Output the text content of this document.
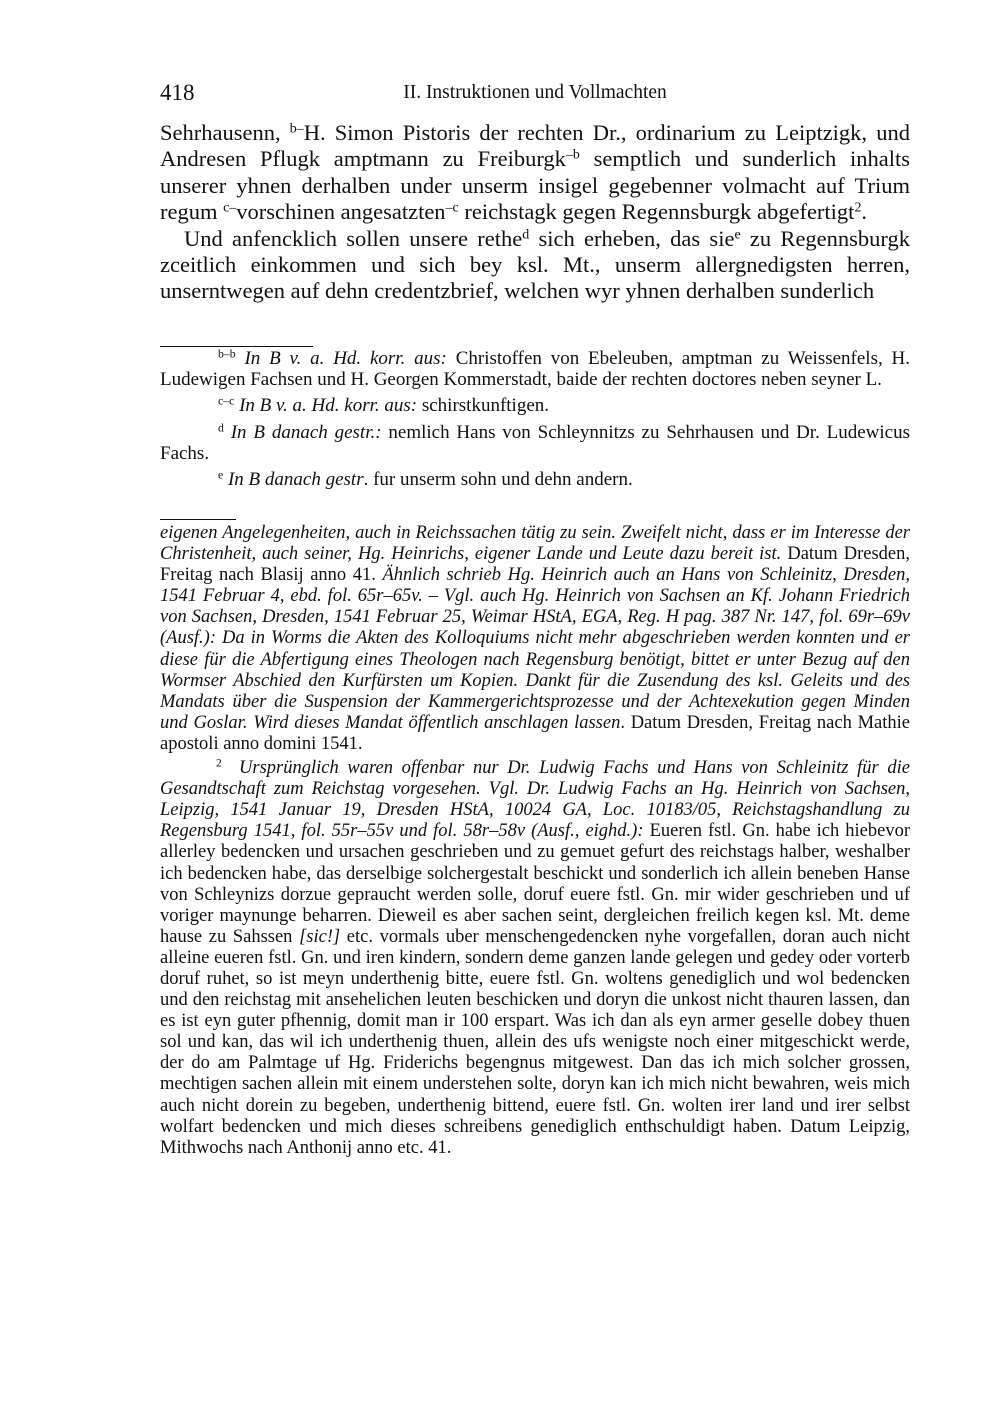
418	II. Instruktionen und Vollmachten

Sehrhausenn, $^{b-}$H. Simon Pistoris der rechten Dr., ordinarium zu Leiptzigk, und Andresen Pflugk amptmann zu Freiburgk$^{-b}$ semptlich und sunderlich inhalts unserer yhnen derhalben under unserm insigel gegebenner volmacht auf Trium regum $^{c-}$vorschinen angesatzten$^{-c}$ reichstagk gegen Regennsburgk abgefertigt$^2$.

Und anfencklich sollen unsere rethe$^d$ sich erheben, das sie$^e$ zu Regennsburgk zceitlich einkommen und sich bey ksl. Mt., unserm allergnedigsten herren, unserntwegen auf dehn credentzbrief, welchen wyr yhnen derhalben sunderlich

$^{b-b}$ In B v. a. Hd. korr. aus: Christoffen von Ebeleuben, amptman zu Weissenfels, H. Ludewigen Fachsen und H. Georgen Kommerstadt, baide der rechten doctores neben seyner L.

$^{c-c}$ In B v. a. Hd. korr. aus: schirstkunftigen.

$^d$ In B danach gestr.: nemlich Hans von Schleynnitzs zu Sehrhausen und Dr. Ludewicus Fachs.

$^e$ In B danach gestr. fur unserm sohn und dehn andern.

eigenen Angelegenheiten, auch in Reichssachen tätig zu sein. Zweifelt nicht, dass er im Interesse der Christenheit, auch seiner, Hg. Heinrichs, eigener Lande und Leute dazu bereit ist. Datum Dresden, Freitag nach Blasij anno 41. Ähnlich schrieb Hg. Heinrich auch an Hans von Schleinitz, Dresden, 1541 Februar 4, ebd. fol. 65r–65v. – Vgl. auch Hg. Heinrich von Sachsen an Kf. Johann Friedrich von Sachsen, Dresden, 1541 Februar 25, Weimar HStA, EGA, Reg. H pag. 387 Nr. 147, fol. 69r–69v (Ausf.): Da in Worms die Akten des Kolloquiums nicht mehr abgeschrieben werden konnten und er diese für die Abfertigung eines Theologen nach Regensburg benötigt, bittet er unter Bezug auf den Wormser Abschied den Kurfürsten um Kopien. Dankt für die Zusendung des ksl. Geleits und des Mandats über die Suspension der Kammergerichtsprozesse und der Achtexekution gegen Minden und Goslar. Wird dieses Mandat öffentlich anschlagen lassen. Datum Dresden, Freitag nach Mathie apostoli anno domini 1541.

$^2$ Ursprünglich waren offenbar nur Dr. Ludwig Fachs und Hans von Schleinitz für die Gesandtschaft zum Reichstag vorgesehen. Vgl. Dr. Ludwig Fachs an Hg. Heinrich von Sachsen, Leipzig, 1541 Januar 19, Dresden HStA, 10024 GA, Loc. 10183/05, Reichstagshandlung zu Regensburg 1541, fol. 55r–55v und fol. 58r–58v (Ausf., eighd.): Eueren fstl. Gn. habe ich hiebevor allerley bedencken und ursachen geschrieben und zu gemuet gefurt des reichstags halber, weshalber ich bedencken habe, das derselbige solchergestalt beschickt und sonderlich ich allein beneben Hanse von Schleynizs dorzue gepraucht werden solle, doruf euere fstl. Gn. mir wider geschrieben und uf voriger maynunge beharren. Dieweil es aber sachen seint, dergleichen freilich kegen ksl. Mt. deme hause zu Sahssen [sic!] etc. vormals uber menschengedencken nyhe vorgefallen, doran auch nicht alleine eueren fstl. Gn. und iren kindern, sondern deme ganzen lande gelegen und gedey oder vorterb doruf ruhet, so ist meyn underthenig bitte, euere fstl. Gn. woltens genediglich und wol bedencken und den reichstag mit ansehelichen leuten beschicken und doryn die unkost nicht thauren lassen, dan es ist eyn guter pfhennig, domit man ir 100 erspart. Was ich dan als eyn armer geselle dobey thuen sol und kan, das wil ich underthenig thuen, allein des ufs wenigste noch einer mitgeschickt werde, der do am Palmtage uf Hg. Friderichs begengnus mitgewest. Dan das ich mich solcher grossen, mechtigen sachen allein mit einem understehen solte, doryn kan ich mich nicht bewahren, weis mich auch nicht dorein zu begeben, underthenig bittend, euere fstl. Gn. wolten irer land und irer selbst wolfart bedencken und mich dieses schreibens genediglich enthschuldigt haben. Datum Leipzig, Mithwochs nach Anthonij anno etc. 41.
